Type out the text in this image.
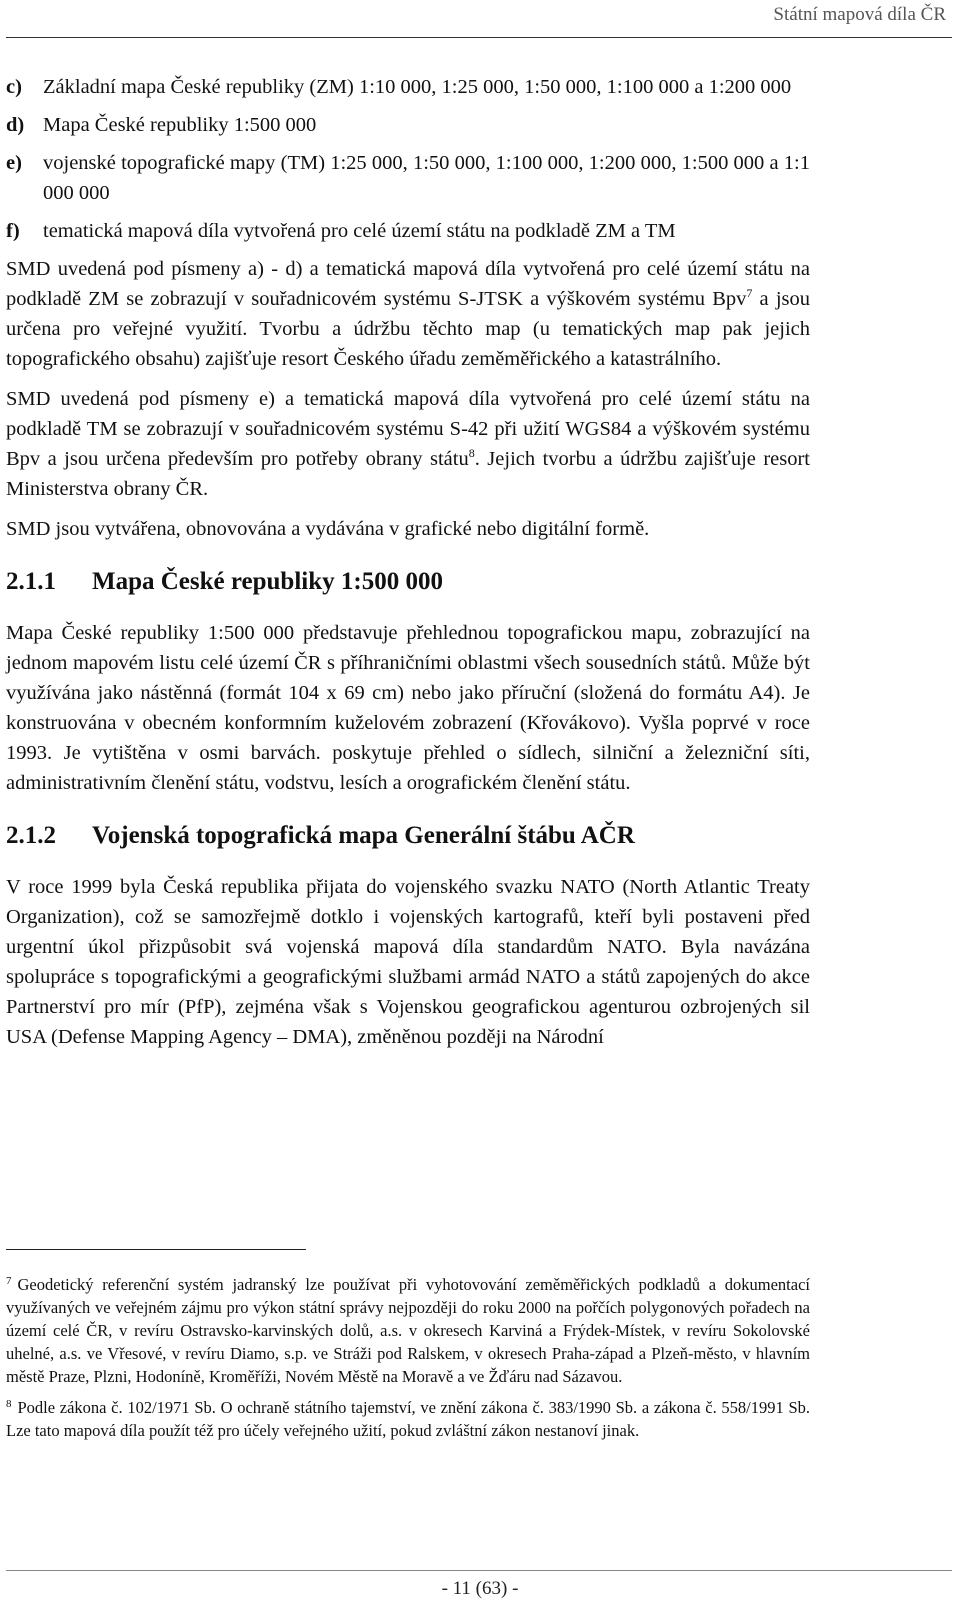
Státní mapová díla ČR
c)	Základní mapa České republiky (ZM) 1:10 000, 1:25 000, 1:50 000, 1:100 000 a 1:200 000
d) Mapa České republiky 1:500 000
e)	vojenské topografické mapy (TM) 1:25 000, 1:50 000, 1:100 000, 1:200 000, 1:500 000 a 1:1 000 000
f)	tematická mapová díla vytvořená pro celé území státu na podkladě ZM a TM

SMD uvedená pod písmeny a) - d) a tematická mapová díla vytvořená pro celé území státu na podkladě ZM se zobrazují v souřadnicovém systému S-JTSK a výškovém systému Bpv$^7$ a jsou určena pro veřejné využití. Tvorbu a údržbu těchto map (u tematických map pak jejich topografického obsahu) zajišťuje resort Českého úřadu zeměměřického a katastrálního.

SMD uvedená pod písmeny e) a tematická mapová díla vytvořená pro celé území státu na podkladě TM se zobrazují v souřadnicovém systému S-42 při užití WGS84 a výškovém systému Bpv a jsou určena především pro potřeby obrany státu$^8$. Jejich tvorbu a údržbu zajišťuje resort Ministerstva obrany ČR.

SMD jsou vytvářena, obnovována a vydávána v grafické nebo digitální formě.

2.1.1	Mapa České republiky 1:500 000

Mapa České republiky 1:500 000 představuje přehlednou topografickou mapu, zobrazující na jednom mapovém listu celé území ČR s příhraničními oblastmi všech sousedních států. Může být využívána jako nástěnná (formát 104 x 69 cm) nebo jako příruční (složená do formátu A4). Je konstruována v obecném konformním kuželovém zobrazení (Křovákovo). Vyšla poprvé v roce 1993. Je vytištěna v osmi barvách. poskytuje přehled o sídlech, silniční a železniční síti, administrativním členění státu, vodstvu, lesích a orografickém členění státu.

2.1.2	Vojenská topografická mapa Generální štábu AČR

V roce 1999 byla Česká republika přijata do vojenského svazku NATO (North Atlantic Treaty Organization), což se samozřejmě dotklo i vojenských kartografů, kteří byli postaveni před urgentní úkol přizpůsobit svá vojenská mapová díla standardům NATO. Byla navázána spolupráce s topografickými a geografickými službami armád NATO a států zapojených do akce Partnerství pro mír (PfP), zejména však s Vojenskou geografickou agenturou ozbrojených sil USA (Defense Mapping Agency – DMA), změněnou později na Národní

$^7$ Geodetický referenční systém jadranský lze používat při vyhotovování zeměměřických podkladů a dokumentací využívaných ve veřejném zájmu pro výkon státní správy nejpozději do roku 2000 na pořčích polygonových pořadech na území celé ČR, v revíru Ostravsko-karvinských dolů, a.s. v okresech Karviná a Frýdek-Místek, v revíru Sokolovské uhelné, a.s. ve Vřesové, v revíru Diamo, s.p. ve Stráži pod Ralskem, v okresech Praha-západ a Plzeň-město, v hlavním městě Praze, Plzni, Hodoníně, Kroměříži, Novém Městě na Moravě a ve Žďáru nad Sázavou.

$^8$ Podle zákona č. 102/1971 Sb. O ochraně státního tajemství, ve znění zákona č. 383/1990 Sb. a zákona č. 558/1991 Sb. Lze tato mapová díla použít též pro účely veřejného užití, pokud zvláštní zákon nestanoví jinak.

- 11 (63) -
